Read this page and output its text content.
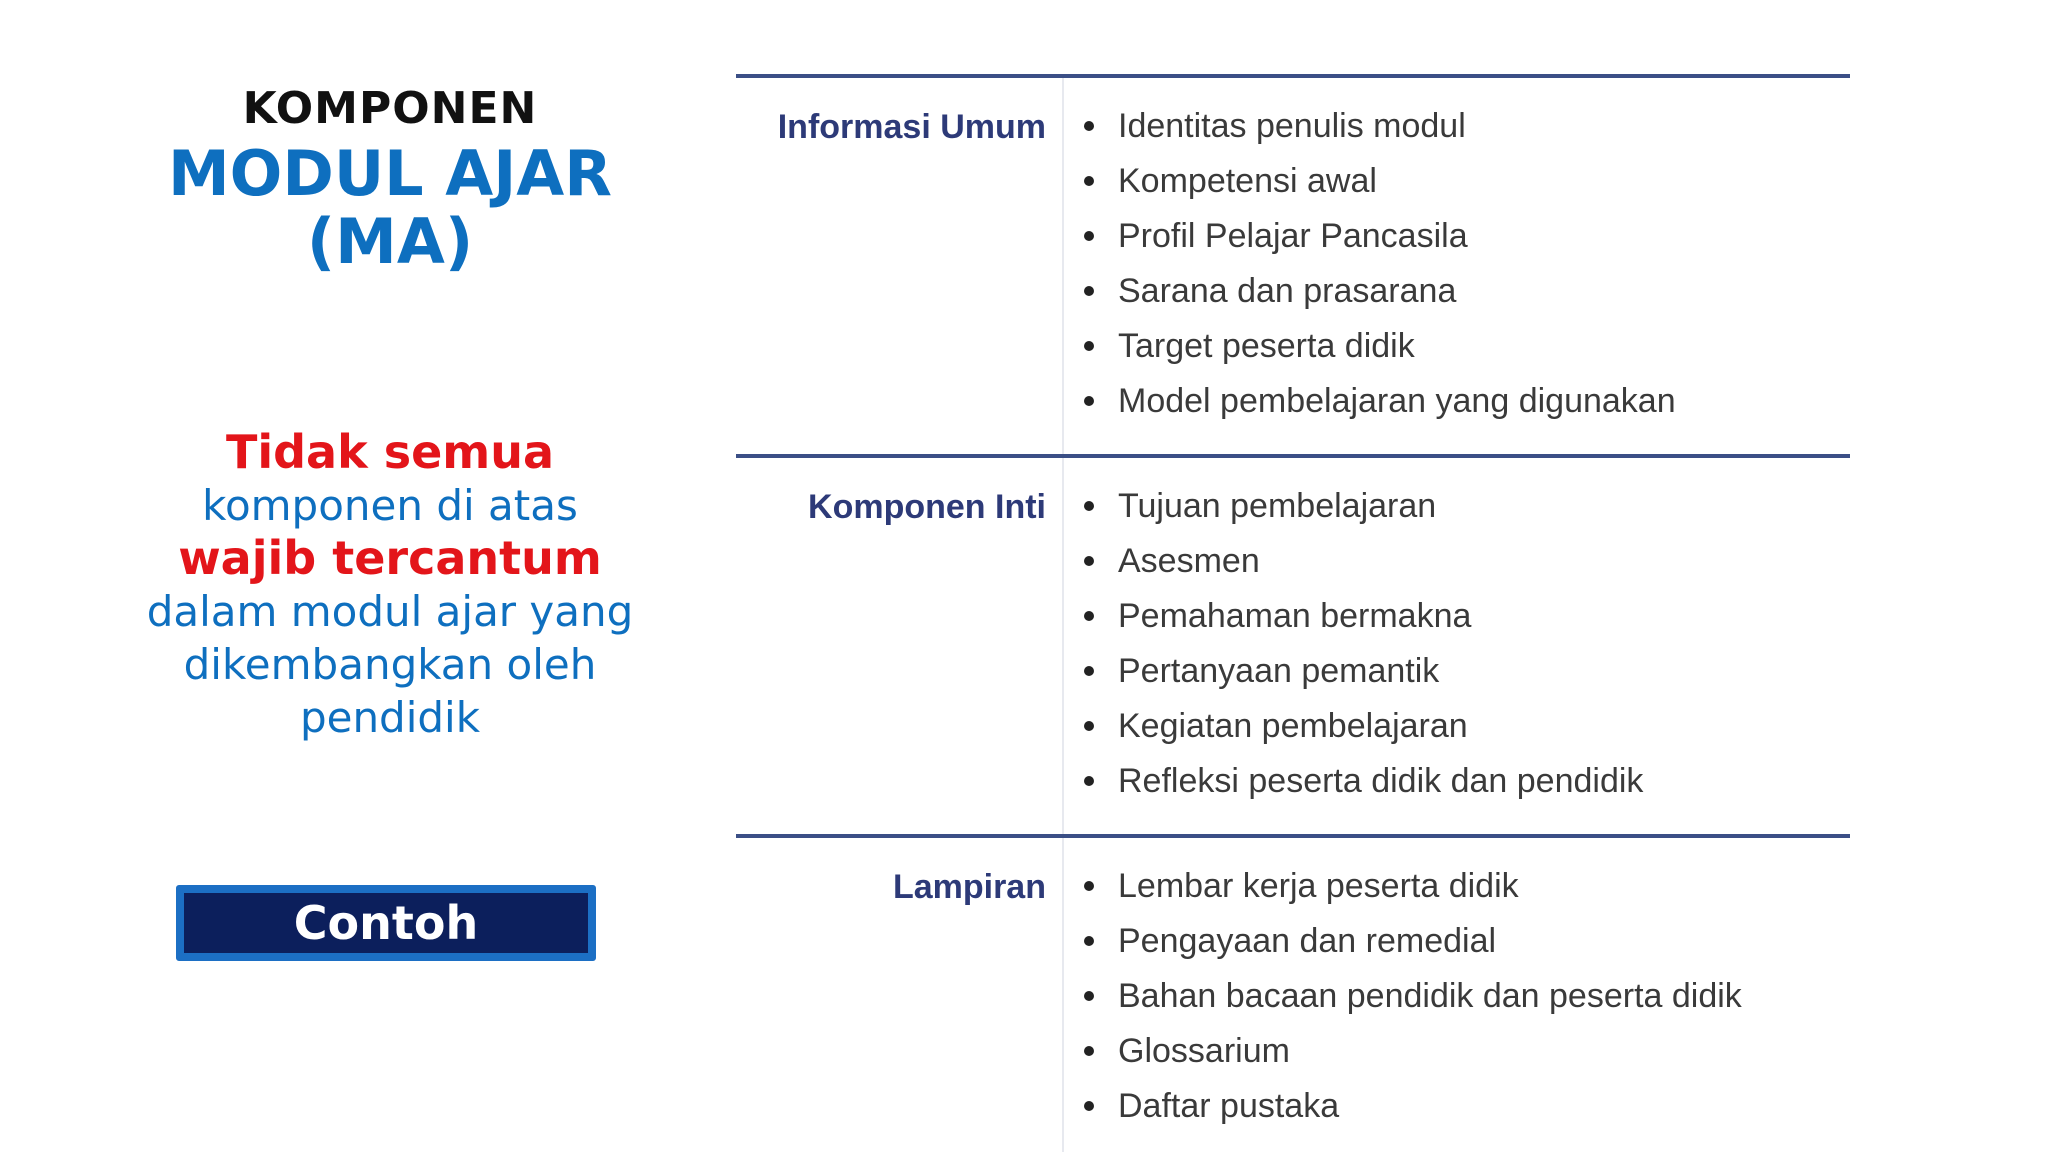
KOMPONEN
MODUL AJAR
(MA)
Tidak semua
komponen di atas
wajib tercantum
dalam modul ajar yang
dikembangkan oleh
pendidik
Contoh
Informasi Umum	Identitas penulis modul
Kompetensi awal
Profil Pelajar Pancasila
Sarana dan prasarana
Target peserta didik
Model pembelajaran yang digunakan
Komponen Inti	Tujuan pembelajaran
Asesmen
Pemahaman bermakna
Pertanyaan pemantik
Kegiatan pembelajaran
Refleksi peserta didik dan pendidik
Lampiran	Lembar kerja peserta didik
Pengayaan dan remedial
Bahan bacaan pendidik dan peserta didik
Glossarium
Daftar pustaka
